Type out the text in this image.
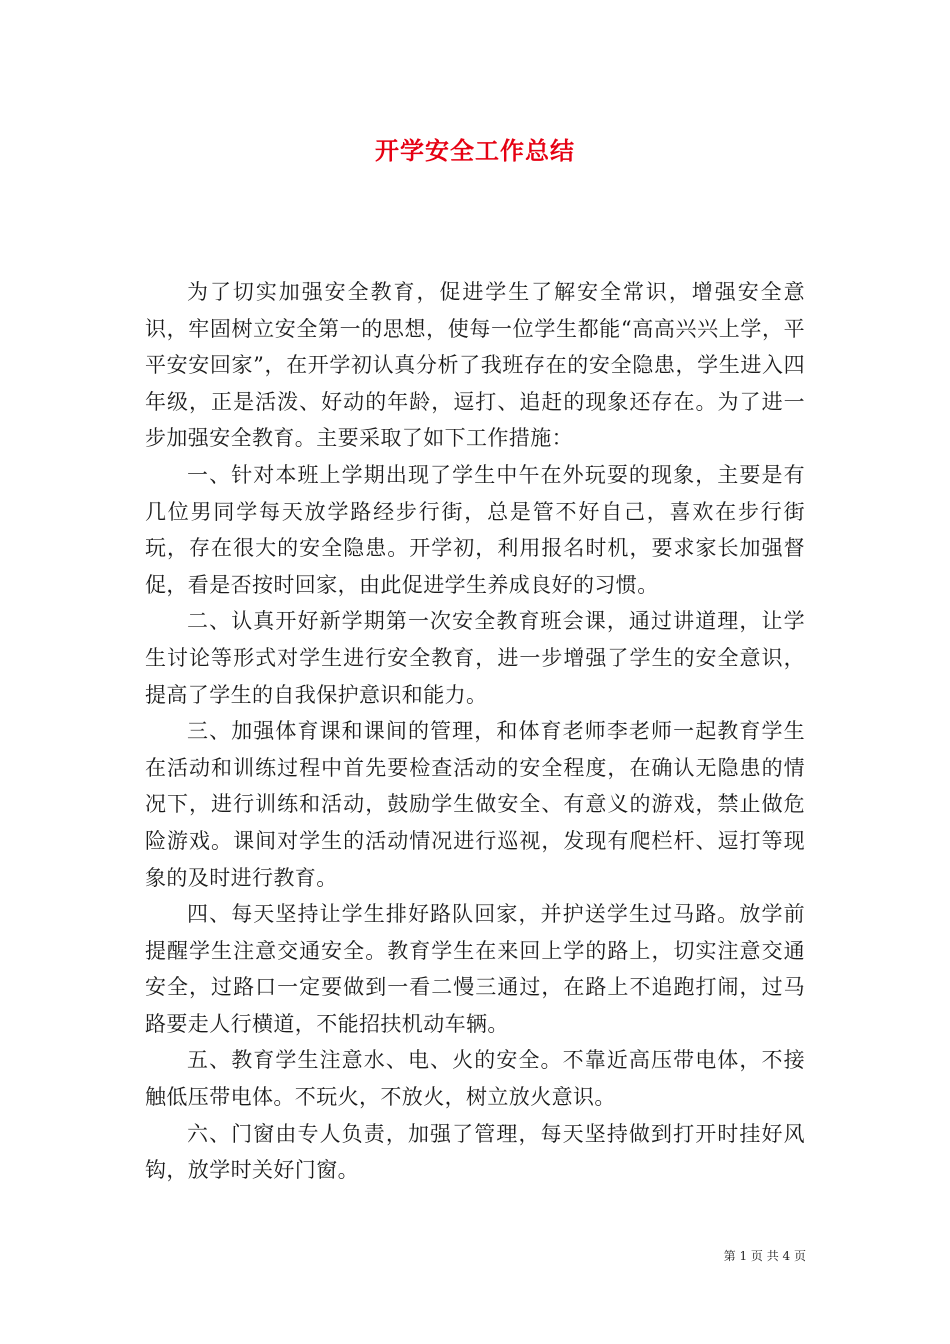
开学安全工作总结

为了切实加强安全教育，促进学生了解安全常识，增强安全意识，牢固树立安全第一的思想，使每一位学生都能“高高兴兴上学，平平安安回家”，在开学初认真分析了我班存在的安全隐患，学生进入四年级，正是活泼、好动的年龄，逗打、追赶的现象还存在。为了进一步加强安全教育。主要采取了如下工作措施：

一、针对本班上学期出现了学生中午在外玩耍的现象，主要是有几位男同学每天放学路经步行街，总是管不好自己，喜欢在步行街玩，存在很大的安全隐患。开学初，利用报名时机，要求家长加强督促，看是否按时回家，由此促进学生养成良好的习惯。

二、认真开好新学期第一次安全教育班会课，通过讲道理，让学生讨论等形式对学生进行安全教育，进一步增强了学生的安全意识，提高了学生的自我保护意识和能力。

三、加强体育课和课间的管理，和体育老师李老师一起教育学生在活动和训练过程中首先要检查活动的安全程度，在确认无隐患的情况下，进行训练和活动，鼓励学生做安全、有意义的游戏，禁止做危险游戏。课间对学生的活动情况进行巡视，发现有爬栏杆、逗打等现象的及时进行教育。

四、每天坚持让学生排好路队回家，并护送学生过马路。放学前提醒学生注意交通安全。教育学生在来回上学的路上，切实注意交通安全，过路口一定要做到一看二慢三通过，在路上不追跑打闹，过马路要走人行横道，不能招扶机动车辆。

五、教育学生注意水、电、火的安全。不靠近高压带电体，不接触低压带电体。不玩火，不放火，树立放火意识。

六、门窗由专人负责，加强了管理，每天坚持做到打开时挂好风钩，放学时关好门窗。

第 1 页 共 4 页
